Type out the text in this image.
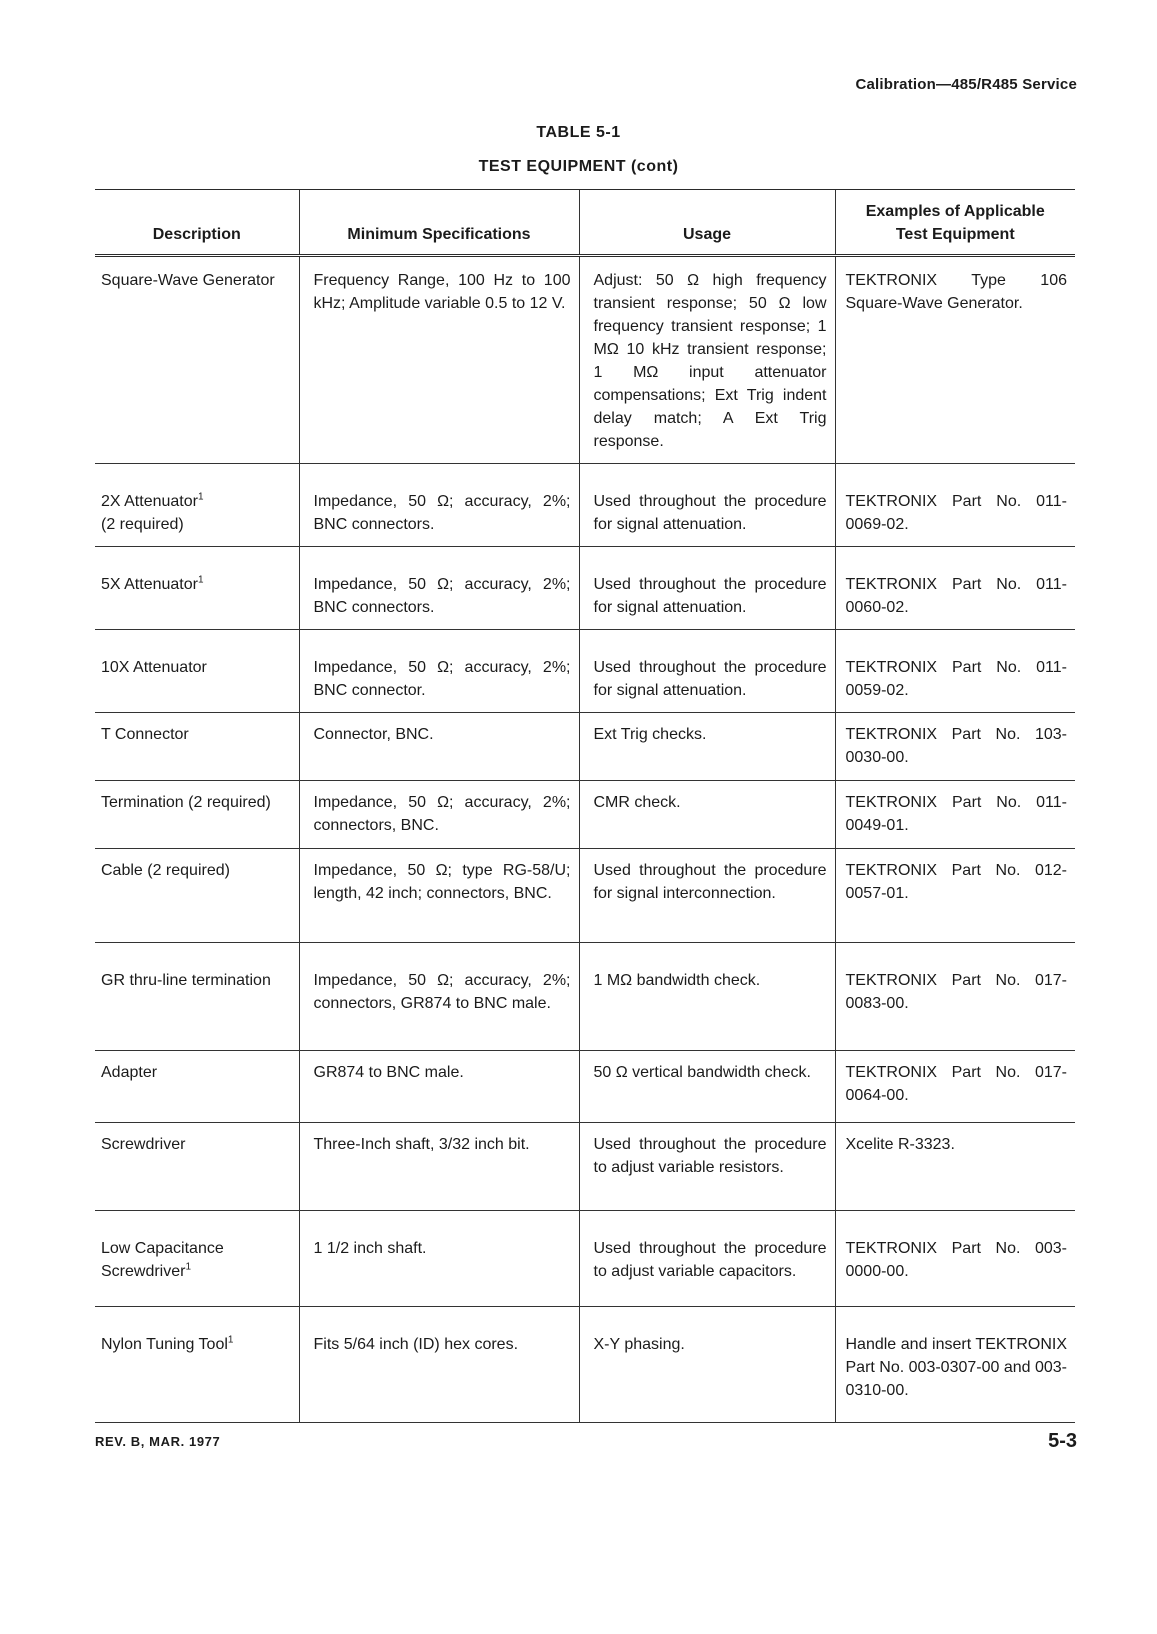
Calibration—485/R485 Service
TABLE 5-1
TEST EQUIPMENT (cont)
Description	Minimum Specifications	Usage	Examples of Applicable
Test Equipment
Square-Wave Generator	Frequency Range, 100 Hz to 100 kHz; Amplitude variable 0.5 to 12 V.	Adjust: 50 Ω high frequency transient response; 50 Ω low frequency transient response; 1 MΩ 10 kHz transient response; 1 MΩ input attenuator compensations; Ext Trig indent delay match; A Ext Trig response.	TEKTRONIX Type 106 Square-Wave Generator.
2X Attenuator$^1$
(2 required)	Impedance, 50 Ω; accuracy, 2%; BNC connectors.	Used throughout the procedure for signal attenuation.	TEKTRONIX Part No. 011-0069-02.
5X Attenuator$^1$	Impedance, 50 Ω; accuracy, 2%; BNC connectors.	Used throughout the procedure for signal attenuation.	TEKTRONIX Part No. 011-0060-02.
10X Attenuator	Impedance, 50 Ω; accuracy, 2%; BNC connector.	Used throughout the procedure for signal attenuation.	TEKTRONIX Part No. 011-0059-02.
T Connector	Connector, BNC.	Ext Trig checks.	TEKTRONIX Part No. 103-0030-00.
Termination (2 required)	Impedance, 50 Ω; accuracy, 2%; connectors, BNC.	CMR check.	TEKTRONIX Part No. 011-0049-01.
Cable (2 required)	Impedance, 50 Ω; type RG-58/U; length, 42 inch; connectors, BNC.	Used throughout the procedure for signal interconnection.	TEKTRONIX Part No. 012-0057-01.
GR thru-line termination	Impedance, 50 Ω; accuracy, 2%; connectors, GR874 to BNC male.	1 MΩ bandwidth check.	TEKTRONIX Part No. 017-0083-00.
Adapter	GR874 to BNC male.	50 Ω vertical bandwidth check.	TEKTRONIX Part No. 017-0064-00.
Screwdriver	Three-Inch shaft, 3/32 inch bit.	Used throughout the procedure to adjust variable resistors.	Xcelite R-3323.
Low Capacitance Screwdriver$^1$	1 1/2 inch shaft.	Used throughout the procedure to adjust variable capacitors.	TEKTRONIX Part No. 003-0000-00.
Nylon Tuning Tool$^1$	Fits 5/64 inch (ID) hex cores.	X-Y phasing.	Handle and insert TEKTRONIX Part No. 003-0307-00 and 003-0310-00.
REV. B, MAR. 1977	5-3
